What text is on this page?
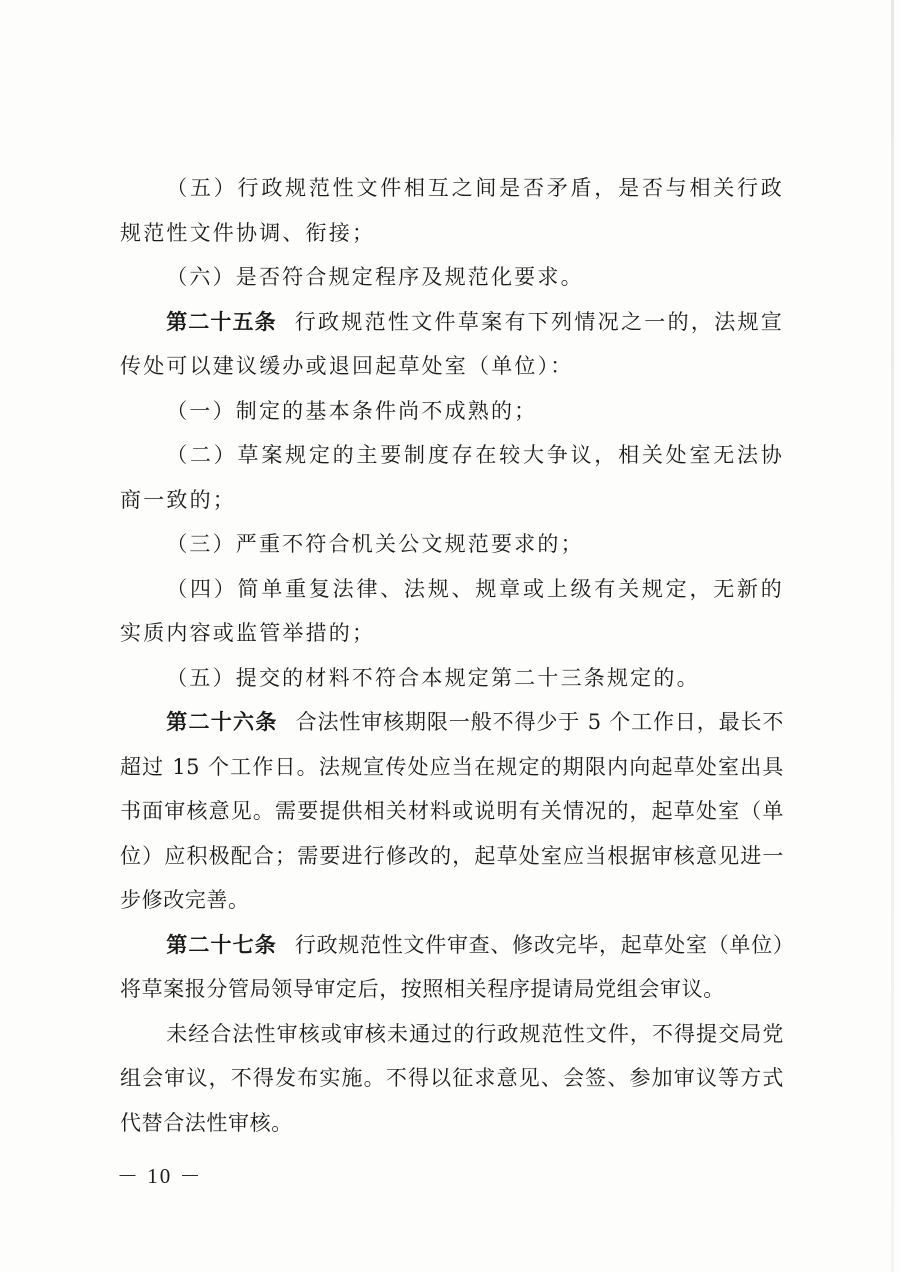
（五）行政规范性文件相互之间是否矛盾，是否与相关行政规范性文件协调、衔接；

（六）是否符合规定程序及规范化要求。

第二十五条 行政规范性文件草案有下列情况之一的，法规宣传处可以建议缓办或退回起草处室（单位）：

（一）制定的基本条件尚不成熟的；

（二）草案规定的主要制度存在较大争议，相关处室无法协商一致的；

（三）严重不符合机关公文规范要求的；

（四）简单重复法律、法规、规章或上级有关规定，无新的实质内容或监管举措的；

（五）提交的材料不符合本规定第二十三条规定的。

第二十六条 合法性审核期限一般不得少于 5 个工作日，最长不超过 15 个工作日。法规宣传处应当在规定的期限内向起草处室出具书面审核意见。需要提供相关材料或说明有关情况的，起草处室（单位）应积极配合；需要进行修改的，起草处室应当根据审核意见进一步修改完善。

第二十七条 行政规范性文件审查、修改完毕，起草处室（单位）将草案报分管局领导审定后，按照相关程序提请局党组会审议。

未经合法性审核或审核未通过的行政规范性文件，不得提交局党组会审议，不得发布实施。不得以征求意见、会签、参加审议等方式代替合法性审核。

－ 10 －
